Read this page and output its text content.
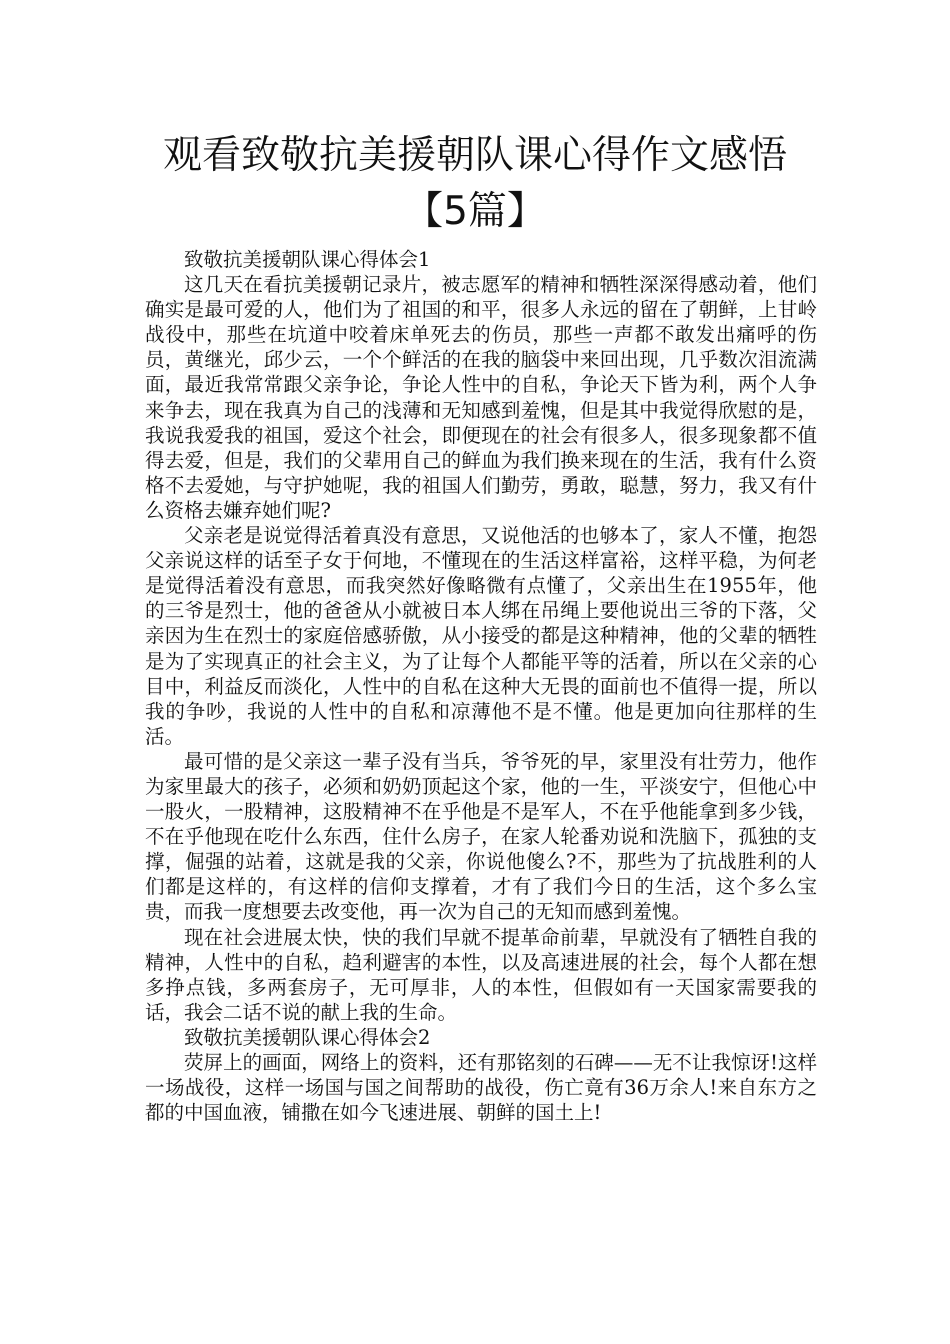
观看致敬抗美援朝队课心得作文感悟
【5篇】

致敬抗美援朝队课心得体会1

这几天在看抗美援朝记录片，被志愿军的精神和牺牲深深得感动着，他们确实是最可爱的人，他们为了祖国的和平，很多人永远的留在了朝鲜，上甘岭战役中，那些在坑道中咬着床单死去的伤员，那些一声都不敢发出痛呼的伤员，黄继光，邱少云，一个个鲜活的在我的脑袋中来回出现，几乎数次泪流满面，最近我常常跟父亲争论，争论人性中的自私，争论天下皆为利，两个人争来争去，现在我真为自己的浅薄和无知感到羞愧，但是其中我觉得欣慰的是，我说我爱我的祖国，爱这个社会，即便现在的社会有很多人，很多现象都不值得去爱，但是，我们的父辈用自己的鲜血为我们换来现在的生活，我有什么资格不去爱她，与守护她呢，我的祖国人们勤劳，勇敢，聪慧，努力，我又有什么资格去嫌弃她们呢?

父亲老是说觉得活着真没有意思，又说他活的也够本了，家人不懂，抱怨父亲说这样的话至子女于何地，不懂现在的生活这样富裕，这样平稳，为何老是觉得活着没有意思，而我突然好像略微有点懂了，父亲出生在1955年，他的三爷是烈士，他的爸爸从小就被日本人绑在吊绳上要他说出三爷的下落，父亲因为生在烈士的家庭倍感骄傲，从小接受的都是这种精神，他的父辈的牺牲是为了实现真正的社会主义，为了让每个人都能平等的活着，所以在父亲的心目中，利益反而淡化，人性中的自私在这种大无畏的面前也不值得一提，所以我的争吵，我说的人性中的自私和凉薄他不是不懂。他是更加向往那样的生活。

最可惜的是父亲这一辈子没有当兵，爷爷死的早，家里没有壮劳力，他作为家里最大的孩子，必须和奶奶顶起这个家，他的一生，平淡安宁，但他心中一股火，一股精神，这股精神不在乎他是不是军人，不在乎他能拿到多少钱，不在乎他现在吃什么东西，住什么房子，在家人轮番劝说和洗脑下，孤独的支撑，倔强的站着，这就是我的父亲，你说他傻么?不，那些为了抗战胜利的人们都是这样的，有这样的信仰支撑着，才有了我们今日的生活，这个多么宝贵，而我一度想要去改变他，再一次为自己的无知而感到羞愧。

现在社会进展太快，快的我们早就不提革命前辈，早就没有了牺牲自我的精神，人性中的自私，趋利避害的本性，以及高速进展的社会，每个人都在想多挣点钱，多两套房子，无可厚非，人的本性，但假如有一天国家需要我的话，我会二话不说的献上我的生命。

致敬抗美援朝队课心得体会2

荧屏上的画面，网络上的资料，还有那铭刻的石碑——无不让我惊讶!这样一场战役，这样一场国与国之间帮助的战役，伤亡竟有36万余人!来自东方之都的中国血液，铺撒在如今飞速进展、朝鲜的国土上!
